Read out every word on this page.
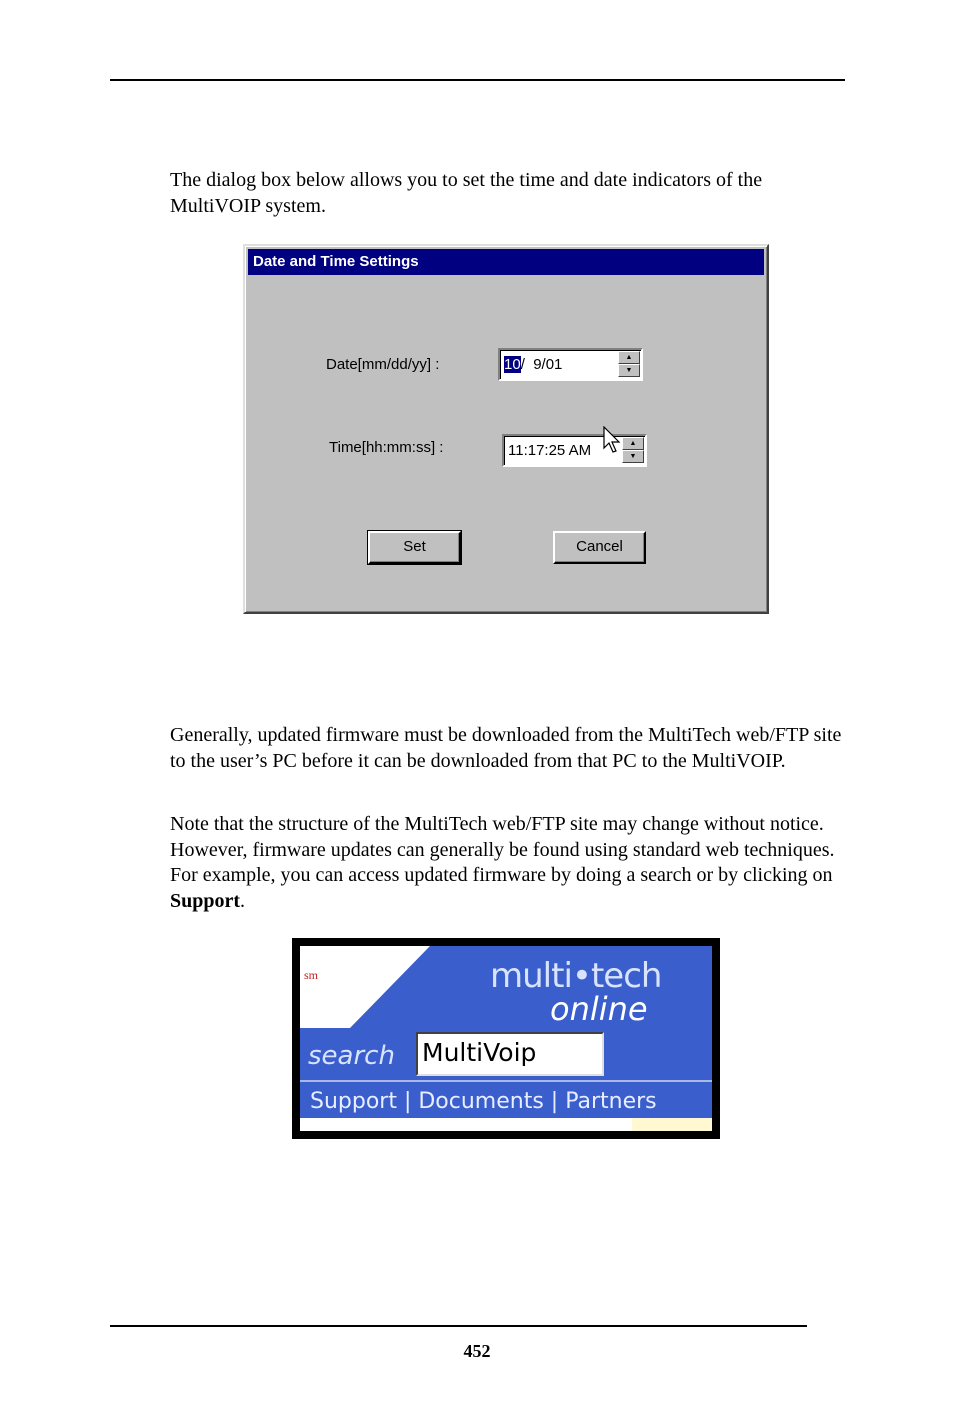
The dialog box below allows you to set the time and date indicators of the MultiVOIP system.

Date and Time Settings
Date[mm/dd/yy] :	10/  9/01	▲
▼
Time[hh:mm:ss] :	11:17:25 AM	▲
▼
Set	Cancel

Generally, updated firmware must be downloaded from the MultiTech web/FTP site to the user’s PC before it can be downloaded from that PC to the MultiVOIP.

Note that the structure of the MultiTech web/FTP site may change without notice. However, firmware updates can generally be found using standard web techniques. For example, you can access updated firmware by doing a search or by clicking on Support.

sm	multi•tech
online
search MultiVoip
Support | Documents | Partners
452
